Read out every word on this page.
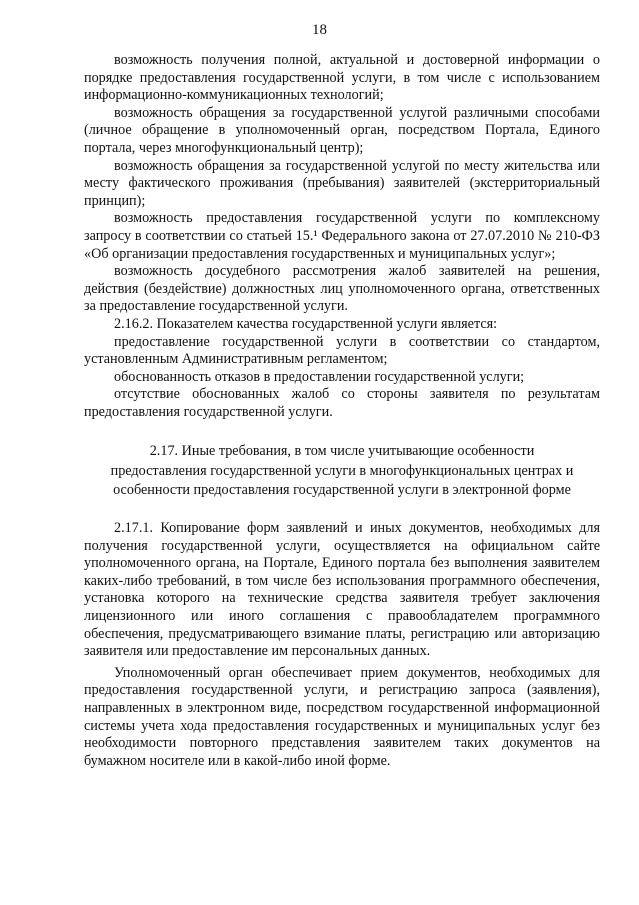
18

возможность получения полной, актуальной и достоверной информации о порядке предоставления государственной услуги, в том числе с использованием информационно-коммуникационных технологий;

возможность обращения за государственной услугой различными способами (личное обращение в уполномоченный орган, посредством Портала, Единого портала, через многофункциональный центр);

возможность обращения за государственной услугой по месту жительства или месту фактического проживания (пребывания) заявителей (экстерриториальный принцип);

возможность предоставления государственной услуги по комплексному запросу в соответствии со статьей 15.¹ Федерального закона от 27.07.2010 № 210-ФЗ «Об организации предоставления государственных и муниципальных услуг»;

возможность досудебного рассмотрения жалоб заявителей на решения, действия (бездействие) должностных лиц уполномоченного органа, ответственных за предоставление государственной услуги.

2.16.2. Показателем качества государственной услуги является:

предоставление государственной услуги в соответствии со стандартом, установленным Административным регламентом;

обоснованность отказов в предоставлении государственной услуги;

отсутствие обоснованных жалоб со стороны заявителя по результатам предоставления государственной услуги.

2.17. Иные требования, в том числе учитывающие особенности
предоставления государственной услуги в многофункциональных центрах и
особенности предоставления государственной услуги в электронной форме

2.17.1. Копирование форм заявлений и иных документов, необходимых для получения государственной услуги, осуществляется на официальном сайте уполномоченного органа, на Портале, Единого портала без выполнения заявителем каких-либо требований, в том числе без использования программного обеспечения, установка которого на технические средства заявителя требует заключения лицензионного или иного соглашения с правообладателем программного обеспечения, предусматривающего взимание платы, регистрацию или авторизацию заявителя или предоставление им персональных данных.

Уполномоченный орган обеспечивает прием документов, необходимых для предоставления государственной услуги, и регистрацию запроса (заявления), направленных в электронном виде, посредством государственной информационной системы учета хода предоставления государственных и муниципальных услуг без необходимости повторного представления заявителем таких документов на бумажном носителе или в какой-либо иной форме.
